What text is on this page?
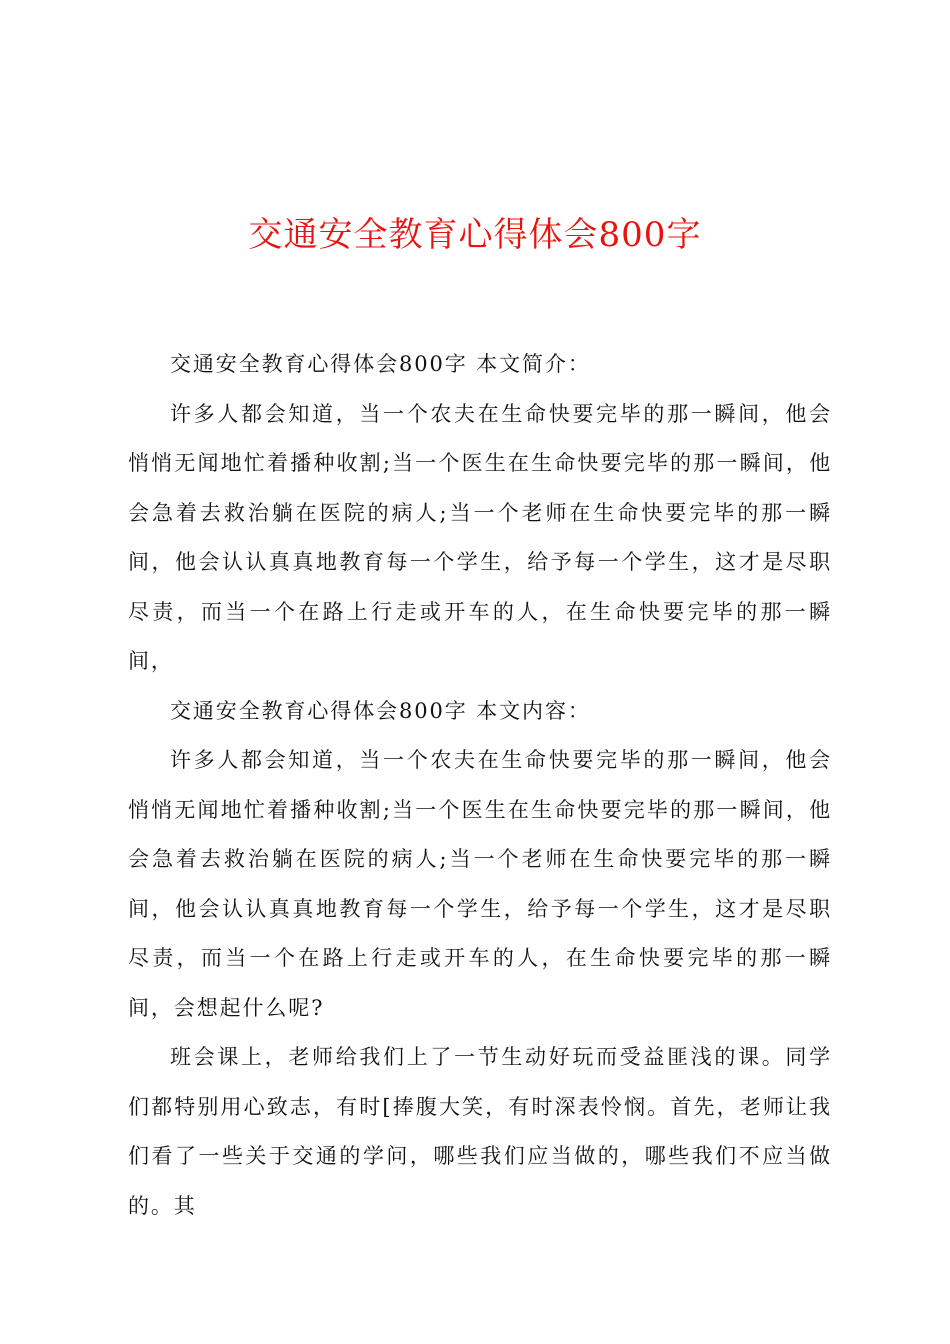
交通安全教育心得体会800字

交通安全教育心得体会800字 本文简介：

许多人都会知道，当一个农夫在生命快要完毕的那一瞬间，他会悄悄无闻地忙着播种收割;当一个医生在生命快要完毕的那一瞬间，他会急着去救治躺在医院的病人;当一个老师在生命快要完毕的那一瞬间，他会认认真真地教育每一个学生，给予每一个学生，这才是尽职尽责，而当一个在路上行走或开车的人，在生命快要完毕的那一瞬间，

交通安全教育心得体会800字 本文内容：

许多人都会知道，当一个农夫在生命快要完毕的那一瞬间，他会悄悄无闻地忙着播种收割;当一个医生在生命快要完毕的那一瞬间，他会急着去救治躺在医院的病人;当一个老师在生命快要完毕的那一瞬间，他会认认真真地教育每一个学生，给予每一个学生，这才是尽职尽责，而当一个在路上行走或开车的人，在生命快要完毕的那一瞬间，会想起什么呢?

班会课上，老师给我们上了一节生动好玩而受益匪浅的课。同学们都特别用心致志，有时[捧腹大笑，有时深表怜悯。首先，老师让我们看了一些关于交通的学问，哪些我们应当做的，哪些我们不应当做的。其
